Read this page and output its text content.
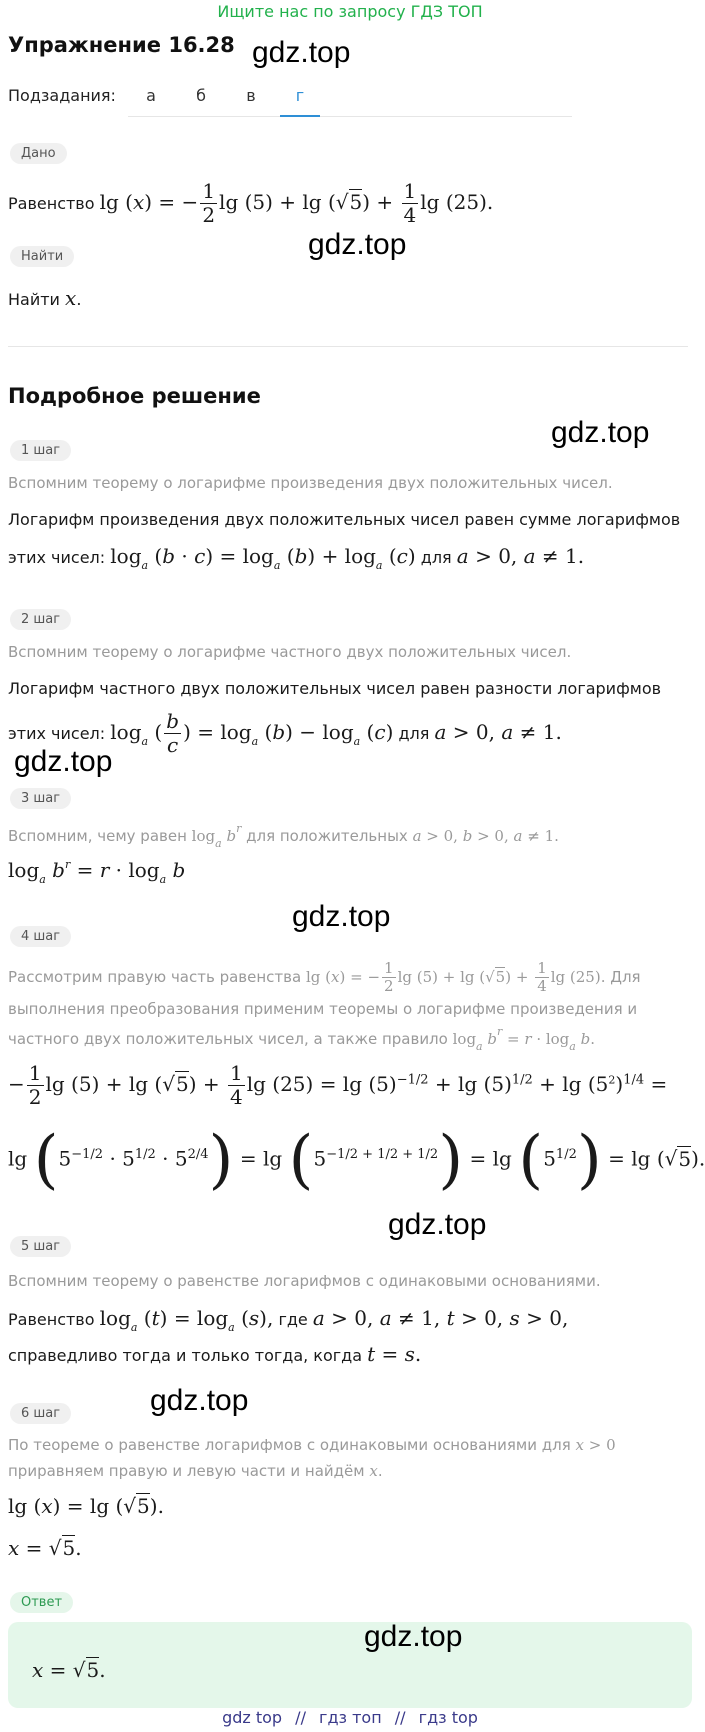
Ищите нас по запросу ГДЗ ТОП
Упражнение 16.28 gdz.top
Подзадания:	а	б	в	г
Дано
Равенство lg (x) = − $\frac{1}{2}$ $\lg (5) + \lg (√5) + \frac{1}{4}$ lg (25).
Найти	gdz.top
Найти x.
Подробное решение
gdz.top
1 шаг
Вспомним теорему о логарифме произведения двух положительных чисел.
Логарифм произведения двух положительных чисел равен сумме логарифмов
этих чисел: $\log_a (b \cdot c) = \log_a (b) + \log_a (c)$ для a > 0, a ≠ 1.
2 шаг
Вспомним теорему о логарифме частного двух положительных чисел.
Логарифм частного двух положительных чисел равен разности логарифмов
этих чисел: $\log_a$ ( $\frac{b}{c}$ ) = $\log_a (b) - \log_a (c)$ для a > 0, a ≠ 1.
gdz.top
3 шаг
Вспомним, чему равен $\log_a b^r$ для положительных a > 0, b > 0, a ≠ 1.
$\log_a b^r = r \cdot \log_a b$
gdz.top
4 шаг
Рассмотрим правую часть равенства lg (x) = − $\frac{1}{2}$ $\lg (5) + \lg (√5) + \frac{1}{4}$ lg (25). Для
выполнения преобразования применим теоремы о логарифме произведения и
частного двух положительных чисел, а также правило $\log_a b^r = r \cdot \log_a b$.
− $\frac{1}{2}$ $\lg (5) + \lg (√5) + \frac{1}{4}$ $\lg (25) = \lg (5)^{-1/2} + \lg (5)^{1/2} + \lg (5^2)^{1/4}$ =
$\lg (5^{-1/2} \cdot 5^{1/2} \cdot 5^{2/4}) = \lg (5^{-1/2 + 1/2 + 1/2}) = \lg (5^{1/2}) = \lg (√5)$.
gdz.top
5 шаг
Вспомним теорему о равенстве логарифмов с одинаковыми основаниями.
Равенство $\log_a (t) = \log_a (s)$, где a > 0, a ≠ 1, t > 0, s > 0,
справедливо тогда и только тогда, когда t = s.
6 шаг	gdz.top
По теореме о равенстве логарифмов с одинаковыми основаниями для x > 0
приравняем правую и левую части и найдём x.
lg (x) = lg (√5).
x = √5.
Ответ
x = √5.
gdz.top
gdz top // гдз топ // гдз top
